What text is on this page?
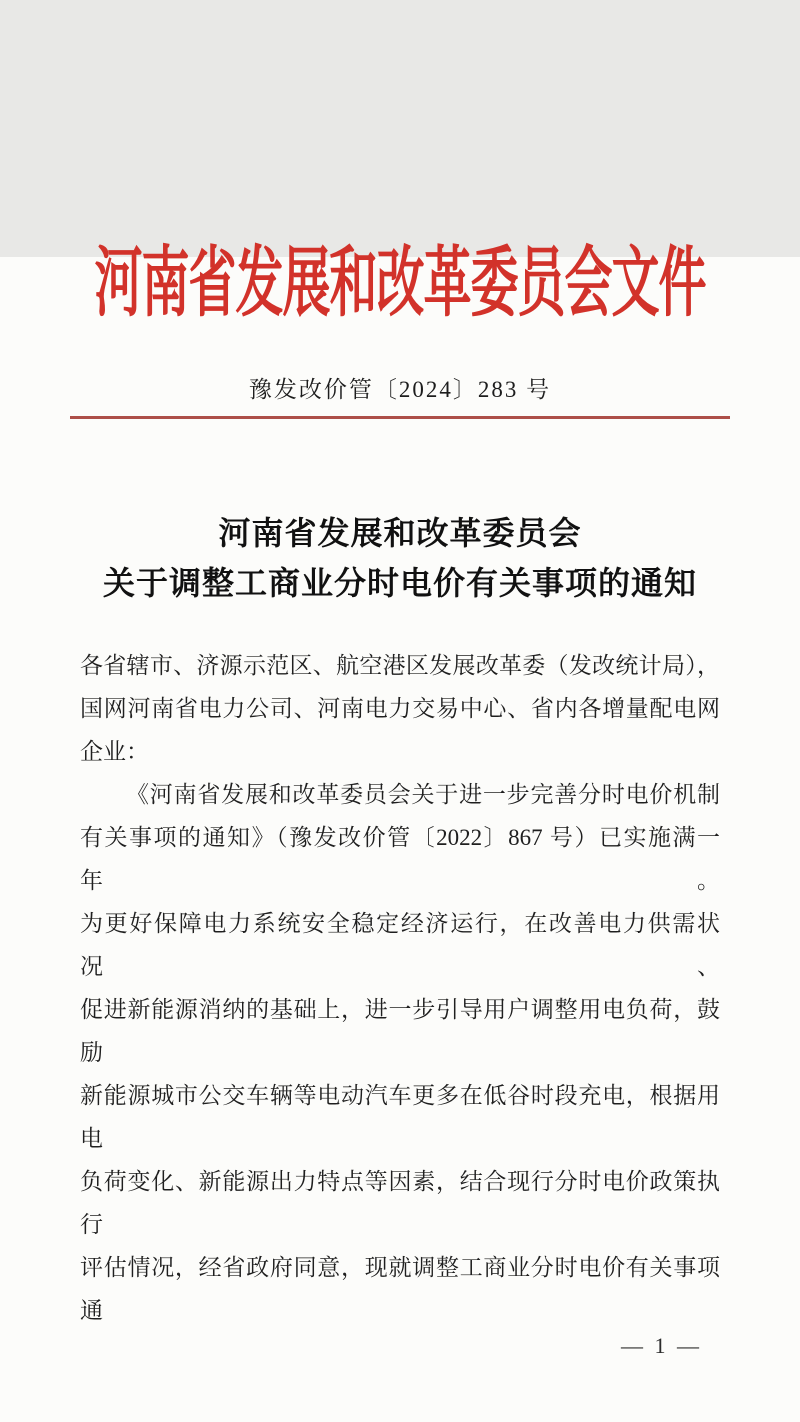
河南省发展和改革委员会文件
豫发改价管〔2024〕283 号
河南省发展和改革委员会
关于调整工商业分时电价有关事项的通知
各省辖市、济源示范区、航空港区发展改革委（发改统计局），
国网河南省电力公司、河南电力交易中心、省内各增量配电网
企业：
《河南省发展和改革委员会关于进一步完善分时电价机制
有关事项的通知》（豫发改价管〔2022〕867 号）已实施满一年。
为更好保障电力系统安全稳定经济运行，在改善电力供需状况、
促进新能源消纳的基础上，进一步引导用户调整用电负荷，鼓励
新能源城市公交车辆等电动汽车更多在低谷时段充电，根据用电
负荷变化、新能源出力特点等因素，结合现行分时电价政策执行
评估情况，经省政府同意，现就调整工商业分时电价有关事项通
— 1 —
